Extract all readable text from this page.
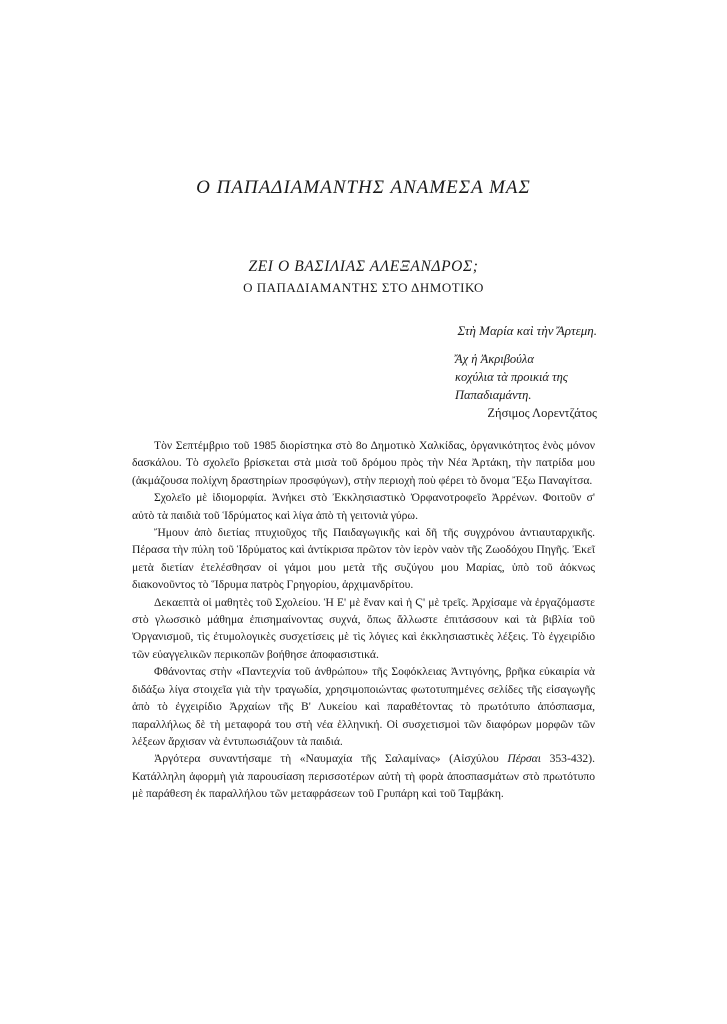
Ο ΠΑΠΑΔΙΑΜΑΝΤΗΣ ΑΝΑΜΕΣΑ ΜΑΣ
ΖΕΙ Ο ΒΑΣΙΛΙΑΣ ΑΛΕΞΑΝΔΡΟΣ;
Ο ΠΑΠΑΔΙΑΜΑΝΤΗΣ ΣΤΟ ΔΗΜΟΤΙΚΟ

Στὴ Μαρία καὶ τὴν Ἄρτεμη.

Ἄχ ἡ Ἀκριβούλα
κοχύλια τὰ προικιά της
Παπαδιαμάντη.

Ζήσιμος Λορεντζάτος

Τὸν Σεπτέμβριο τοῦ 1985 διορίστηκα στὸ 8ο Δημοτικὸ Χαλκίδας, ὀργανικότητος ἑνὸς μόνον δασκάλου. Τὸ σχολεῖο βρίσκεται στὰ μισὰ τοῦ δρόμου πρὸς τὴν Νέα Ἀρτάκη, τὴν πατρίδα μου (ἀκμάζουσα πολίχνη δραστηρίων προσφύγων), στὴν περιοχὴ ποὺ φέρει τὸ ὄνομα Ἔξω Παναγίτσα.

Σχολεῖο μὲ ἰδιομορφία. Ἀνήκει στὸ Ἐκκλησιαστικὸ Ὀρφανοτροφεῖο Ἀρρένων. Φοιτοῦν σ' αὐτὸ τὰ παιδιὰ τοῦ Ἱδρύματος καὶ λίγα ἀπὸ τὴ γειτονιὰ γύρω.

Ἤμουν ἀπὸ διετίας πτυχιοῦχος τῆς Παιδαγωγικῆς καὶ δῆ τῆς συγχρόνου ἀντιαυταρχικῆς. Πέρασα τὴν πύλη τοῦ Ἱδρύματος καὶ ἀντίκρισα πρῶτον τὸν ἱερὸν ναὸν τῆς Ζωοδόχου Πηγῆς. Ἐκεῖ μετὰ διετίαν ἐτελέσθησαν οἱ γάμοι μου μετὰ τῆς συζύγου μου Μαρίας, ὑπὸ τοῦ ἀόκνως διακονοῦντος τὸ Ἵδρυμα πατρὸς Γρηγορίου, ἀρχιμανδρίτου.

Δεκαεπτὰ οἱ μαθητὲς τοῦ Σχολείου. Ἡ Ε' μὲ ἕναν καὶ ἡ Ϛ' μὲ τρεῖς. Ἀρχίσαμε νὰ ἐργαζόμαστε στὸ γλωσσικὸ μάθημα ἐπισημαίνοντας συχνά, ὅπως ἄλλωστε ἐπιτάσσουν καὶ τὰ βιβλία τοῦ Ὀργανισμοῦ, τὶς ἐτυμολογικὲς συσχετίσεις μὲ τὶς λόγιες καὶ ἐκκλησιαστικὲς λέξεις. Τὸ ἐγχειρίδιο τῶν εὐαγγελικῶν περικοπῶν βοήθησε ἀποφασιστικά.

Φθάνοντας στὴν «Παντεχνία τοῦ ἀνθρώπου» τῆς Σοφόκλειας Ἀντιγόνης, βρῆκα εὐκαιρία νὰ διδάξω λίγα στοιχεῖα γιὰ τὴν τραγωδία, χρησιμοποιώντας φωτοτυπημένες σελίδες τῆς εἰσαγωγῆς ἀπὸ τὸ ἐγχειρίδιο Ἀρχαίων τῆς Β' Λυκείου καὶ παραθέτοντας τὸ πρωτότυπο ἀπόσπασμα, παραλλήλως δὲ τὴ μεταφορά του στὴ νέα ἑλληνική. Οἱ συσχετισμοὶ τῶν διαφόρων μορφῶν τῶν λέξεων ἄρχισαν νὰ ἐντυπωσιάζουν τὰ παιδιά.

Ἀργότερα συναντήσαμε τὴ «Ναυμαχία τῆς Σαλαμίνας» (Αἰσχύλου Πέρσαι 353-432). Κατάλληλη ἀφορμὴ γιὰ παρουσίαση περισσοτέρων αὐτὴ τὴ φορὰ ἀποσπασμάτων στὸ πρωτότυπο μὲ παράθεση ἐκ παραλλήλου τῶν μεταφράσεων τοῦ Γρυπάρη καὶ τοῦ Ταμβάκη.
